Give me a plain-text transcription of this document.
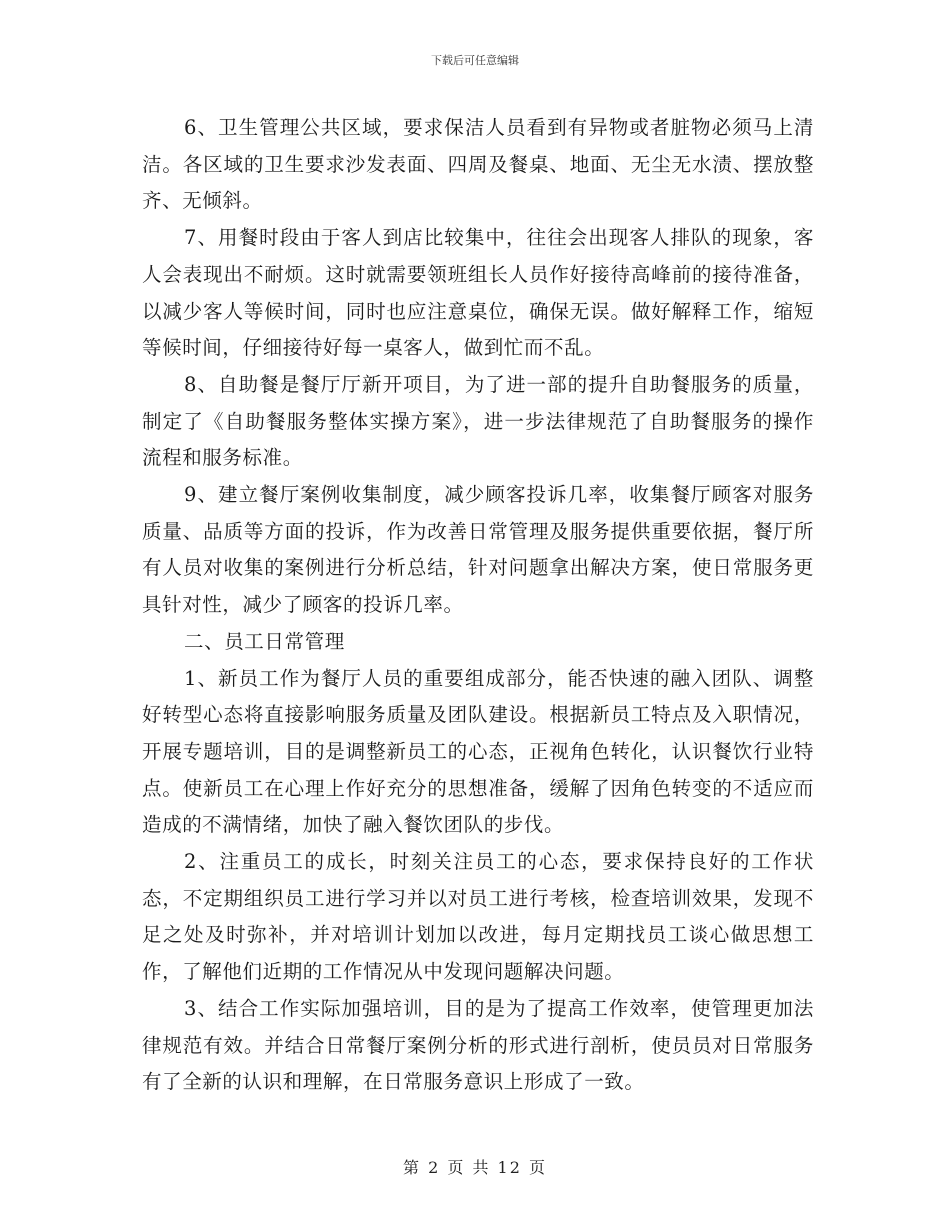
下载后可任意编辑

6、卫生管理公共区域，要求保洁人员看到有异物或者脏物必须马上清洁。各区域的卫生要求沙发表面、四周及餐桌、地面、无尘无水渍、摆放整齐、无倾斜。

7、用餐时段由于客人到店比较集中，往往会出现客人排队的现象，客人会表现出不耐烦。这时就需要领班组长人员作好接待高峰前的接待准备，以减少客人等候时间，同时也应注意桌位，确保无误。做好解释工作，缩短等候时间，仔细接待好每一桌客人，做到忙而不乱。

8、自助餐是餐厅厅新开项目，为了进一部的提升自助餐服务的质量，制定了《自助餐服务整体实操方案》，进一步法律规范了自助餐服务的操作流程和服务标准。

9、建立餐厅案例收集制度，减少顾客投诉几率，收集餐厅顾客对服务质量、品质等方面的投诉，作为改善日常管理及服务提供重要依据，餐厅所有人员对收集的案例进行分析总结，针对问题拿出解决方案，使日常服务更具针对性，减少了顾客的投诉几率。

二、员工日常管理

1、新员工作为餐厅人员的重要组成部分，能否快速的融入团队、调整好转型心态将直接影响服务质量及团队建设。根据新员工特点及入职情况，开展专题培训，目的是调整新员工的心态，正视角色转化，认识餐饮行业特点。使新员工在心理上作好充分的思想准备，缓解了因角色转变的不适应而造成的不满情绪，加快了融入餐饮团队的步伐。

2、注重员工的成长，时刻关注员工的心态，要求保持良好的工作状态，不定期组织员工进行学习并以对员工进行考核，检查培训效果，发现不足之处及时弥补，并对培训计划加以改进，每月定期找员工谈心做思想工作，了解他们近期的工作情况从中发现问题解决问题。

3、结合工作实际加强培训，目的是为了提高工作效率，使管理更加法律规范有效。并结合日常餐厅案例分析的形式进行剖析，使员员对日常服务有了全新的认识和理解，在日常服务意识上形成了一致。

第 2 页 共 12 页
